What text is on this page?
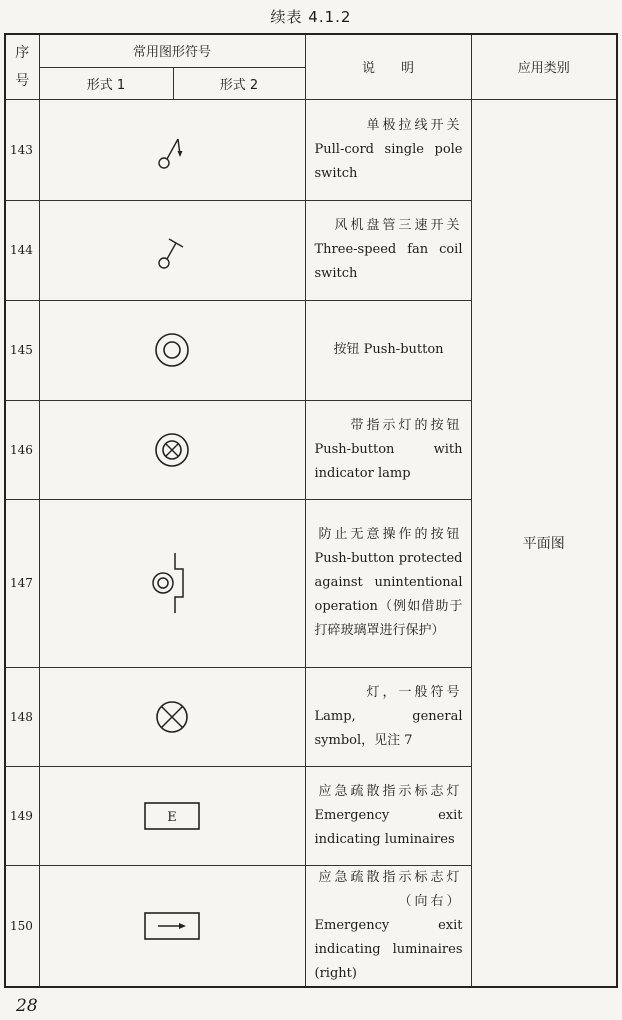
续表 4.1.2
序
号	常用图形符号		说　　明	应用类别
	形式 1	形式 2		
143			单极拉线开关
Pull-cord single pole switch	平面图
144			风机盘管三速开关
Three-speed fan coil switch	

145			按钮 Push-button	
146			带指示灯的按钮
Push-button with indicator lamp	

147			防止无意操作的按钮
Push-button protected against unintentional operation（例如借助于打碎玻璃罩进行保护）	

148			灯，一般符号
Lamp, general symbol，见注 7	

149	E		应急疏散指示标志灯
Emergency exit indicating luminaires	

150			应急疏散指示标志灯（向右）
Emergency exit indicating luminaires (right)	
28
